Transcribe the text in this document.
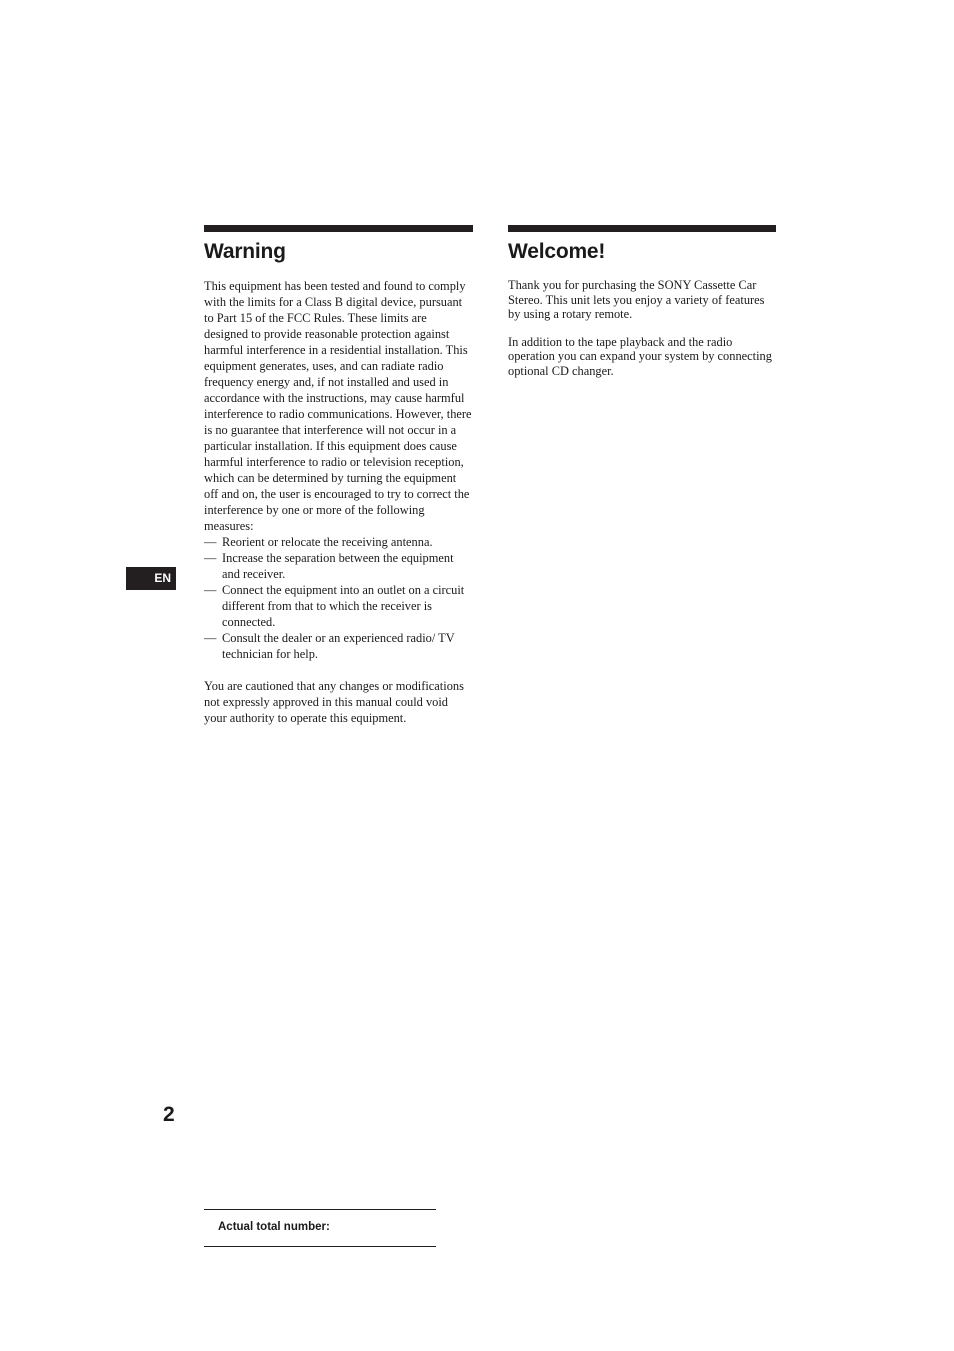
Warning

This equipment has been tested and found to comply with the limits for a Class B digital device, pursuant to Part 15 of the FCC Rules. These limits are designed to provide reasonable protection against harmful interference in a residential installation. This equipment generates, uses, and can radiate radio frequency energy and, if not installed and used in accordance with the instructions, may cause harmful interference to radio communications. However, there is no guarantee that interference will not occur in a particular installation. If this equipment does cause harmful interference to radio or television reception, which can be determined by turning the equipment off and on, the user is encouraged to try to correct the interference by one or more of the following measures:

— Reorient or relocate the receiving antenna.
— Increase the separation between the equipment and receiver.
— Connect the equipment into an outlet on a circuit different from that to which the receiver is connected.
— Consult the dealer or an experienced radio/ TV technician for help.

You are cautioned that any changes or modifications not expressly approved in this manual could void your authority to operate this equipment.

Welcome!

Thank you for purchasing the SONY Cassette Car Stereo. This unit lets you enjoy a variety of features by using a rotary remote.

In addition to the tape playback and the radio operation you can expand your system by connecting optional CD changer.

EN
2
Actual total number:
